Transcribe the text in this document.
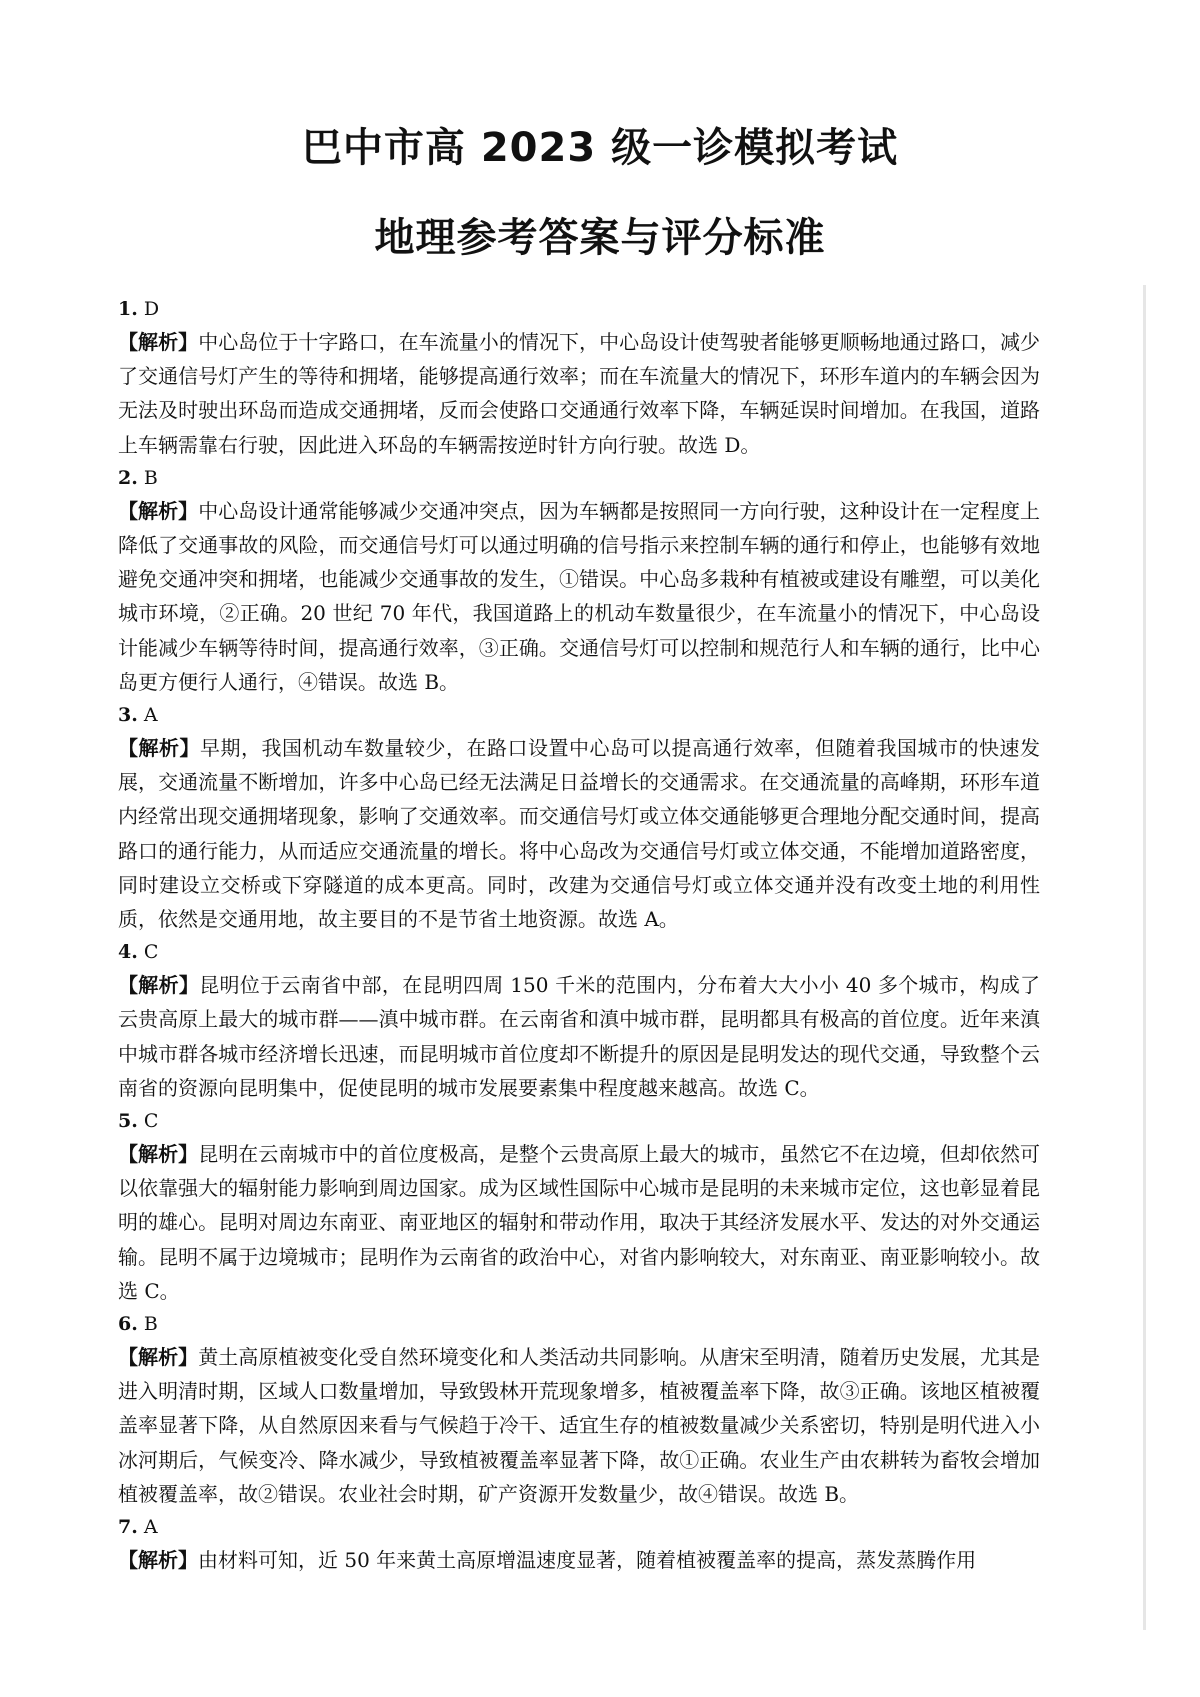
巴中市高 2023 级一诊模拟考试
地理参考答案与评分标准

1. D

【解析】中心岛位于十字路口，在车流量小的情况下，中心岛设计使驾驶者能够更顺畅地通过路口，减少了交通信号灯产生的等待和拥堵，能够提高通行效率；而在车流量大的情况下，环形车道内的车辆会因为无法及时驶出环岛而造成交通拥堵，反而会使路口交通通行效率下降，车辆延误时间增加。在我国，道路上车辆需靠右行驶，因此进入环岛的车辆需按逆时针方向行驶。故选 D。

2. B

【解析】中心岛设计通常能够减少交通冲突点，因为车辆都是按照同一方向行驶，这种设计在一定程度上降低了交通事故的风险，而交通信号灯可以通过明确的信号指示来控制车辆的通行和停止，也能够有效地避免交通冲突和拥堵，也能减少交通事故的发生，①错误。中心岛多栽种有植被或建设有雕塑，可以美化城市环境，②正确。20 世纪 70 年代，我国道路上的机动车数量很少，在车流量小的情况下，中心岛设计能减少车辆等待时间，提高通行效率，③正确。交通信号灯可以控制和规范行人和车辆的通行，比中心岛更方便行人通行，④错误。故选 B。

3. A

【解析】早期，我国机动车数量较少，在路口设置中心岛可以提高通行效率，但随着我国城市的快速发展，交通流量不断增加，许多中心岛已经无法满足日益增长的交通需求。在交通流量的高峰期，环形车道内经常出现交通拥堵现象，影响了交通效率。而交通信号灯或立体交通能够更合理地分配交通时间，提高路口的通行能力，从而适应交通流量的增长。将中心岛改为交通信号灯或立体交通，不能增加道路密度，同时建设立交桥或下穿隧道的成本更高。同时，改建为交通信号灯或立体交通并没有改变土地的利用性质，依然是交通用地，故主要目的不是节省土地资源。故选 A。

4. C

【解析】昆明位于云南省中部，在昆明四周 150 千米的范围内，分布着大大小小 40 多个城市，构成了云贵高原上最大的城市群——滇中城市群。在云南省和滇中城市群，昆明都具有极高的首位度。近年来滇中城市群各城市经济增长迅速，而昆明城市首位度却不断提升的原因是昆明发达的现代交通，导致整个云南省的资源向昆明集中，促使昆明的城市发展要素集中程度越来越高。故选 C。

5. C

【解析】昆明在云南城市中的首位度极高，是整个云贵高原上最大的城市，虽然它不在边境，但却依然可以依靠强大的辐射能力影响到周边国家。成为区域性国际中心城市是昆明的未来城市定位，这也彰显着昆明的雄心。昆明对周边东南亚、南亚地区的辐射和带动作用，取决于其经济发展水平、发达的对外交通运输。昆明不属于边境城市；昆明作为云南省的政治中心，对省内影响较大，对东南亚、南亚影响较小。故选 C。

6. B

【解析】黄土高原植被变化受自然环境变化和人类活动共同影响。从唐宋至明清，随着历史发展，尤其是进入明清时期，区域人口数量增加，导致毁林开荒现象增多，植被覆盖率下降，故③正确。该地区植被覆盖率显著下降，从自然原因来看与气候趋于冷干、适宜生存的植被数量减少关系密切，特别是明代进入小冰河期后，气候变冷、降水减少，导致植被覆盖率显著下降，故①正确。农业生产由农耕转为畜牧会增加植被覆盖率，故②错误。农业社会时期，矿产资源开发数量少，故④错误。故选 B。

7. A

【解析】由材料可知，近 50 年来黄土高原增温速度显著，随着植被覆盖率的提高，蒸发蒸腾作用
